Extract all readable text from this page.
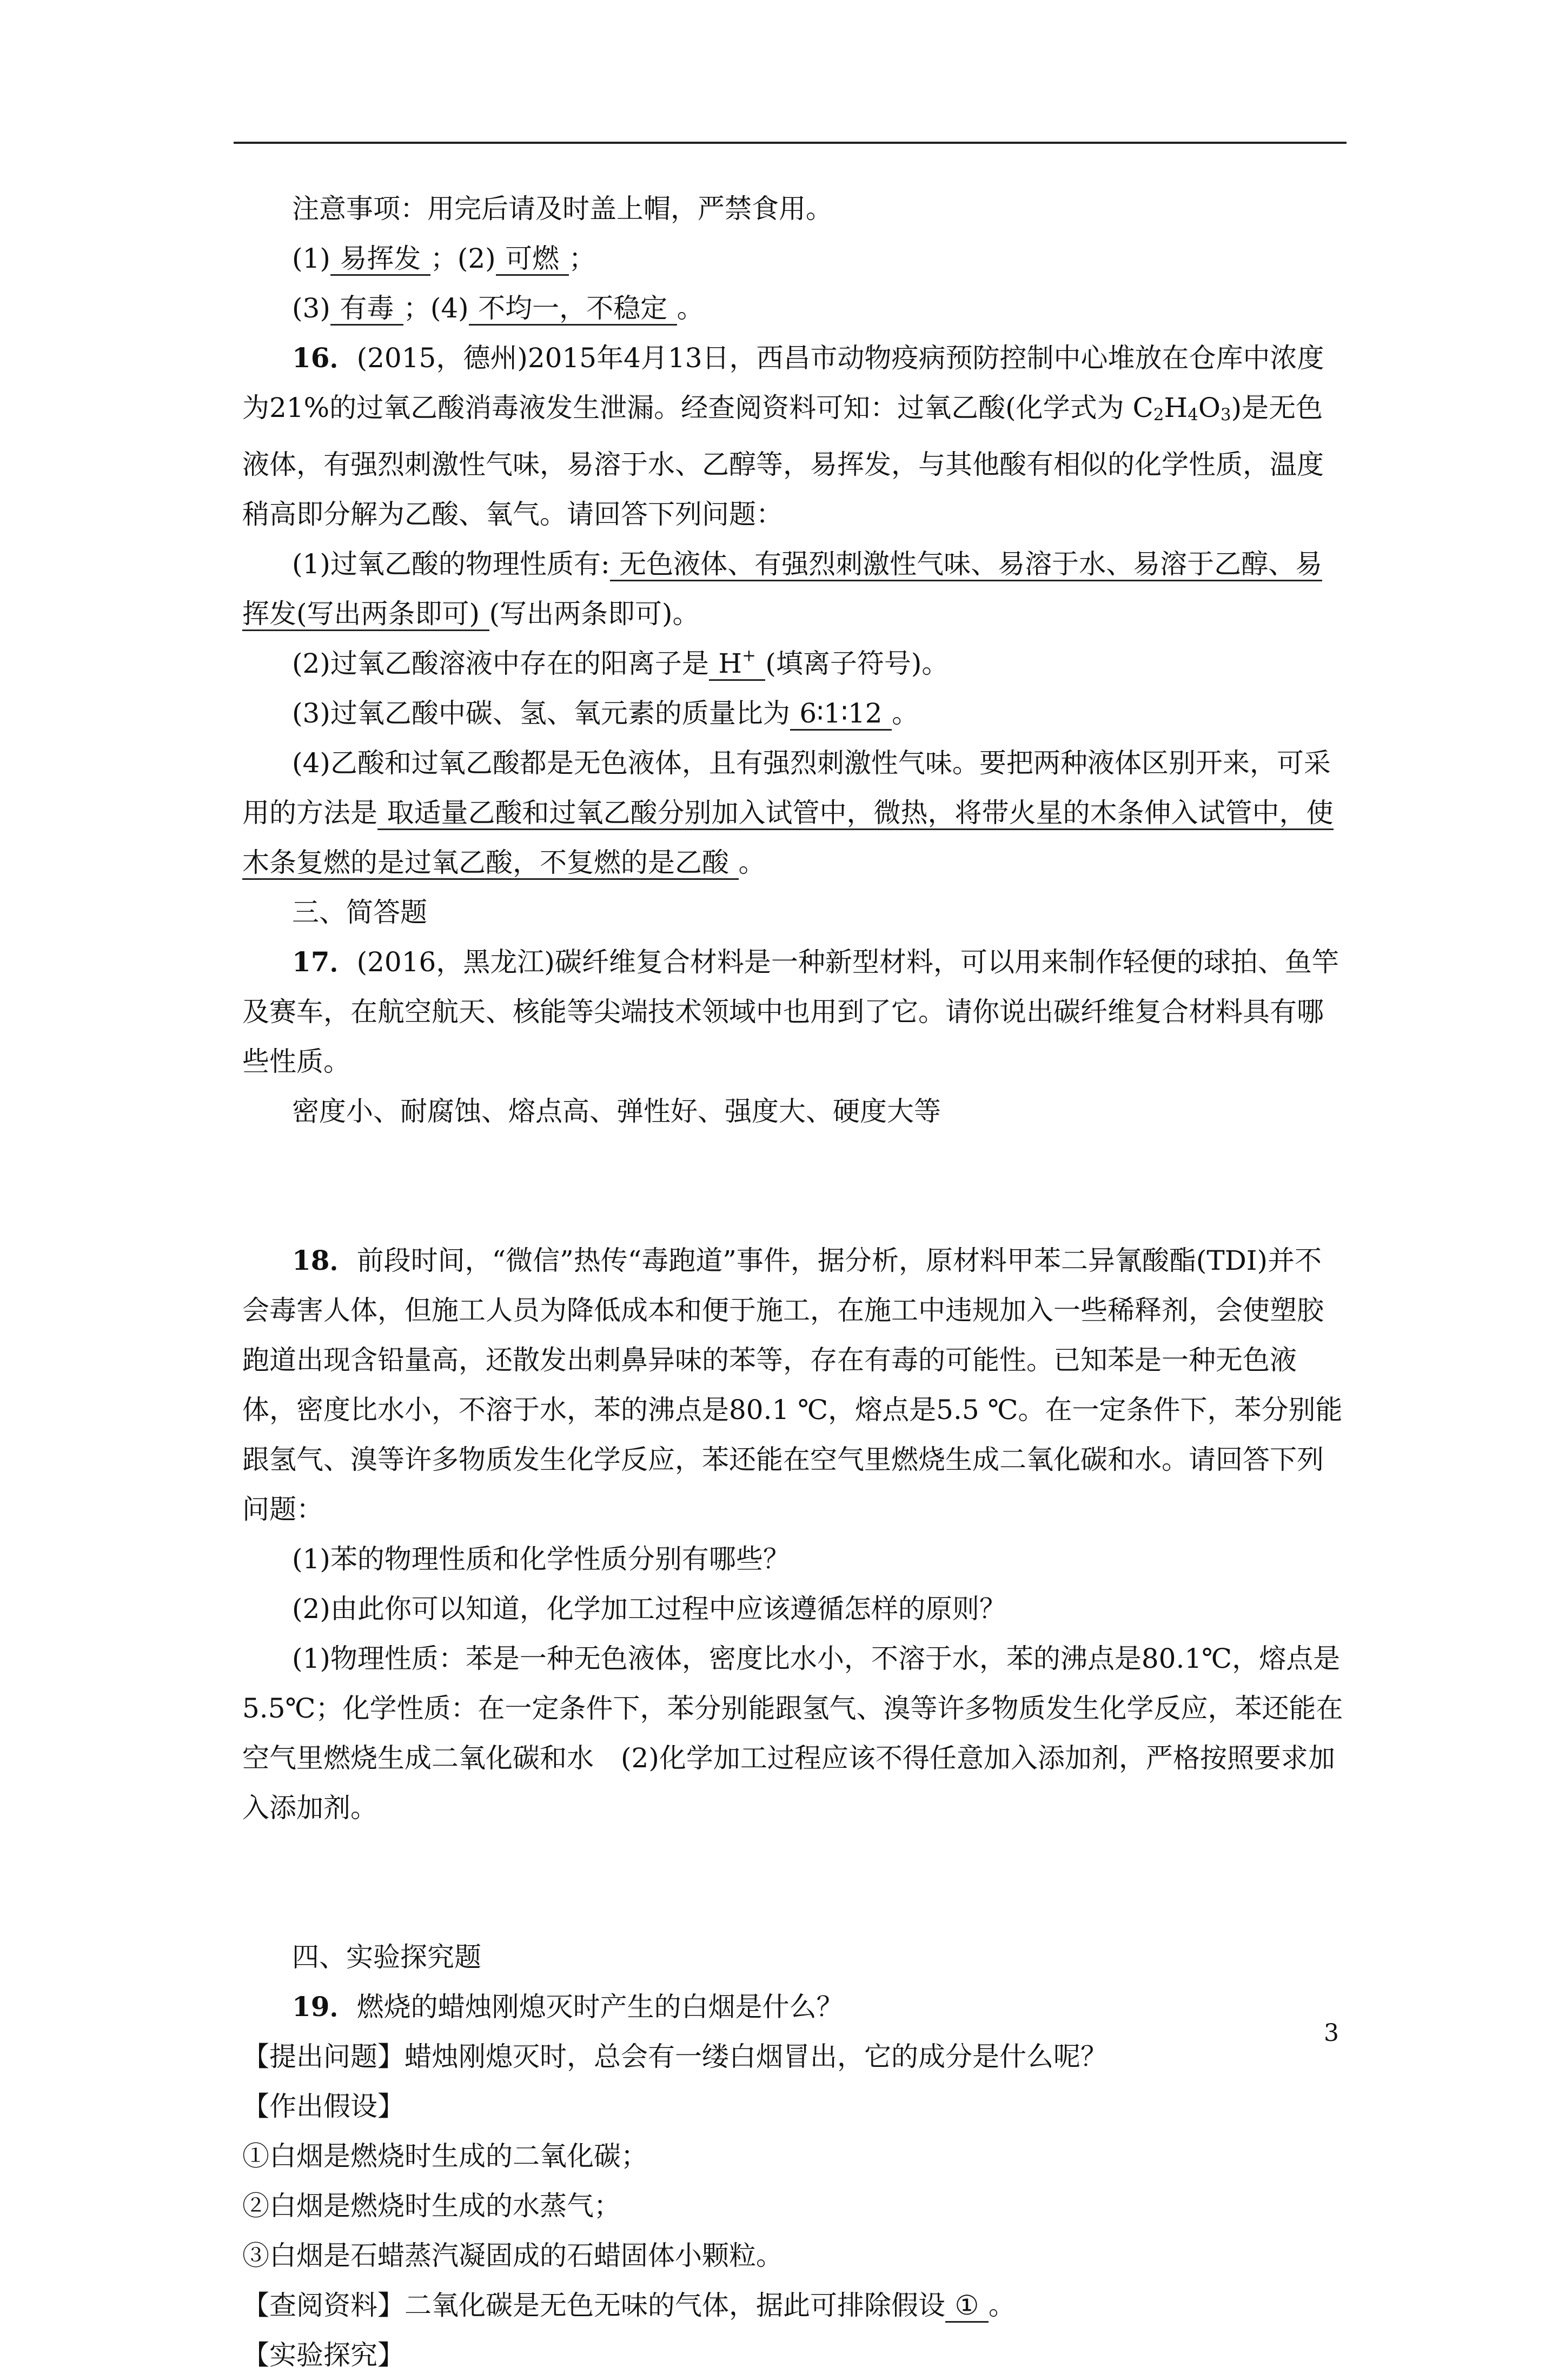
注意事项：用完后请及时盖上帽，严禁食用。

(1) 易挥发 ；(2) 可燃 ；

(3) 有毒 ；(4) 不均一，不稳定 。

16．(2015，德州)2015年4月13日，西昌市动物疫病预防控制中心堆放在仓库中浓度为21%的过氧乙酸消毒液发生泄漏。经查阅资料可知：过氧乙酸(化学式为 $C_2H_4O_3$)是无色液体，有强烈刺激性气味，易溶于水、乙醇等，易挥发，与其他酸有相似的化学性质，温度稍高即分解为乙酸、氧气。请回答下列问题：

(1)过氧乙酸的物理性质有: 无色液体、有强烈刺激性气味、易溶于水、易溶于乙醇、易挥发(写出两条即可) (写出两条即可)。

(2)过氧乙酸溶液中存在的阳离子是 H+ (填离子符号)。

(3)过氧乙酸中碳、氢、氧元素的质量比为 6∶1∶12 。

(4)乙酸和过氧乙酸都是无色液体，且有强烈刺激性气味。要把两种液体区别开来，可采用的方法是 取适量乙酸和过氧乙酸分别加入试管中，微热，将带火星的木条伸入试管中，使木条复燃的是过氧乙酸，不复燃的是乙酸 。

三、简答题

17．(2016，黑龙江)碳纤维复合材料是一种新型材料，可以用来制作轻便的球拍、鱼竿及赛车，在航空航天、核能等尖端技术领域中也用到了它。请你说出碳纤维复合材料具有哪些性质。

密度小、耐腐蚀、熔点高、弹性好、强度大、硬度大等

18．前段时间，“微信”热传“毒跑道”事件，据分析，原材料甲苯二异氰酸酯(TDI)并不会毒害人体，但施工人员为降低成本和便于施工，在施工中违规加入一些稀释剂，会使塑胶跑道出现含铅量高，还散发出刺鼻异味的苯等，存在有毒的可能性。已知苯是一种无色液体，密度比水小，不溶于水，苯的沸点是80.1 ℃，熔点是5.5 ℃。在一定条件下，苯分别能跟氢气、溴等许多物质发生化学反应，苯还能在空气里燃烧生成二氧化碳和水。请回答下列问题：

(1)苯的物理性质和化学性质分别有哪些？

(2)由此你可以知道，化学加工过程中应该遵循怎样的原则？

(1)物理性质：苯是一种无色液体，密度比水小，不溶于水，苯的沸点是80.1℃，熔点是5.5℃；化学性质：在一定条件下，苯分别能跟氢气、溴等许多物质发生化学反应，苯还能在空气里燃烧生成二氧化碳和水　(2)化学加工过程应该不得任意加入添加剂，严格按照要求加入添加剂。

四、实验探究题

19．燃烧的蜡烛刚熄灭时产生的白烟是什么？

【提出问题】蜡烛刚熄灭时，总会有一缕白烟冒出，它的成分是什么呢？

【作出假设】

①白烟是燃烧时生成的二氧化碳；

②白烟是燃烧时生成的水蒸气；

③白烟是石蜡蒸汽凝固成的石蜡固体小颗粒。

【查阅资料】二氧化碳是无色无味的气体，据此可排除假设 ① 。

【实验探究】

3
